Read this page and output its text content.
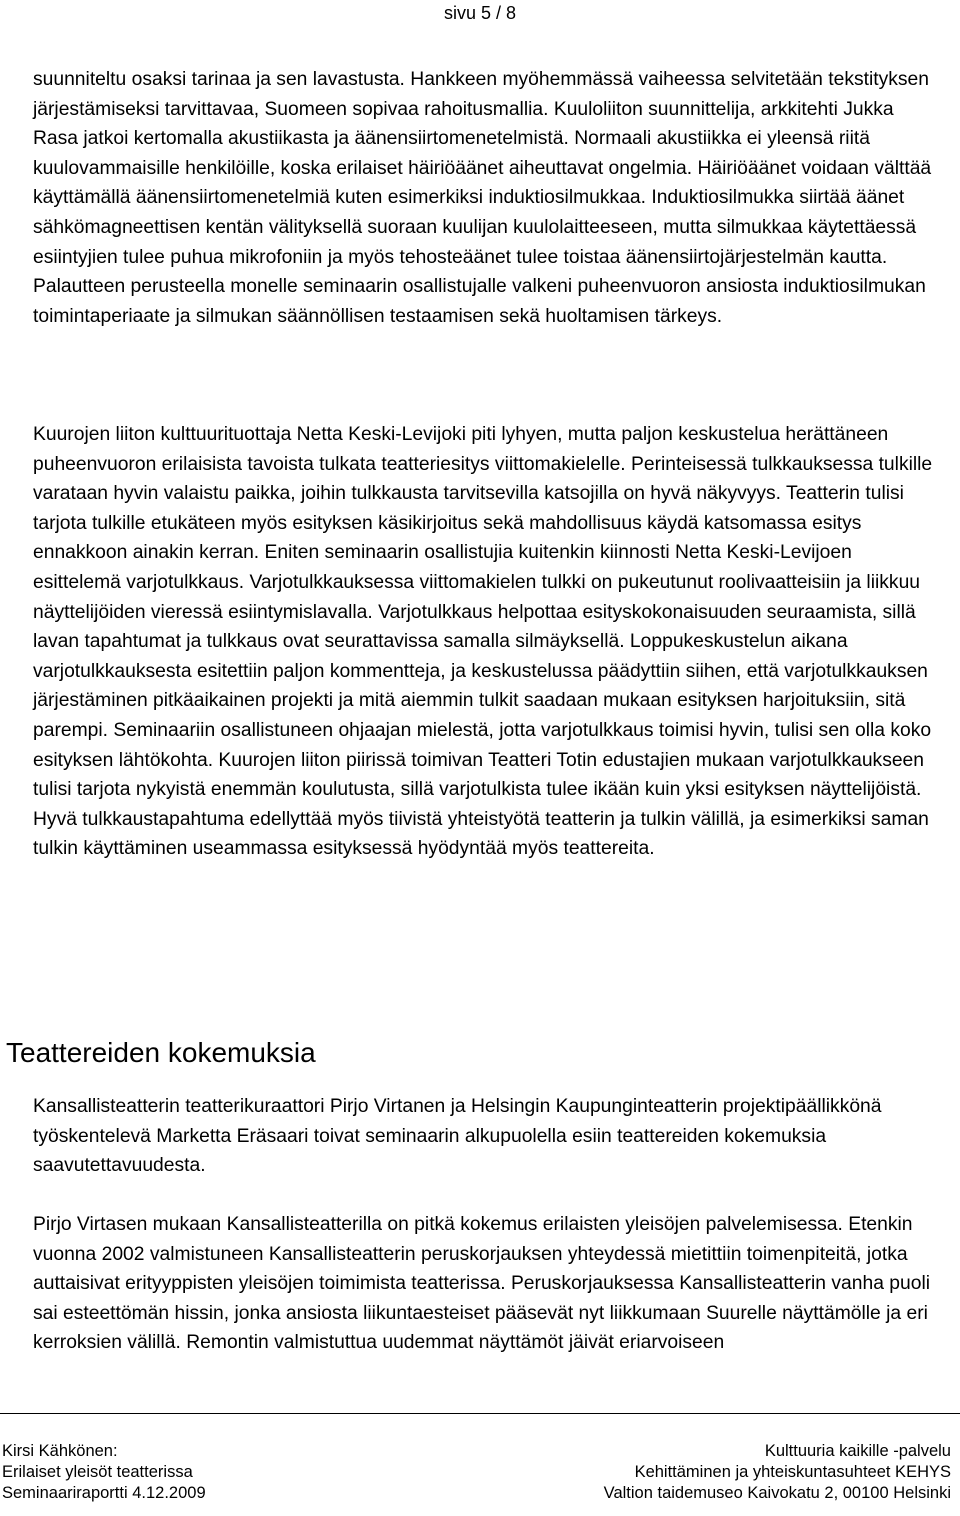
sivu 5 / 8

suunniteltu osaksi tarinaa ja sen lavastusta. Hankkeen myöhemmässä vaiheessa selvitetään tekstityksen järjestämiseksi tarvittavaa, Suomeen sopivaa rahoitusmallia. Kuuloliiton suunnittelija, arkkitehti Jukka Rasa jatkoi kertomalla akustiikasta ja äänensiirtomenetelmistä. Normaali akustiikka ei yleensä riitä kuulovammaisille henkilöille, koska erilaiset häiriöäänet aiheuttavat ongelmia. Häiriöäänet voidaan välttää käyttämällä äänensiirtomenetelmiä kuten esimerkiksi induktiosilmukkaa. Induktiosilmukka siirtää äänet sähkömagneettisen kentän välityksellä suoraan kuulijan kuulolaitteeseen, mutta silmukkaa käytettäessä esiintyjien tulee puhua mikrofoniin ja myös tehosteäänet tulee toistaa äänensiirtojärjestelmän kautta. Palautteen perusteella monelle seminaarin osallistujalle valkeni puheenvuoron ansiosta induktiosilmukan toimintaperiaate ja silmukan säännöllisen testaamisen sekä huoltamisen tärkeys.

Kuurojen liiton kulttuurituottaja Netta Keski-Levijoki piti lyhyen, mutta paljon keskustelua herättäneen puheenvuoron erilaisista tavoista tulkata teatteriesitys viittomakielelle. Perinteisessä tulkkauksessa tulkille varataan hyvin valaistu paikka, joihin tulkkausta tarvitsevilla katsojilla on hyvä näkyvyys. Teatterin tulisi tarjota tulkille etukäteen myös esityksen käsikirjoitus sekä mahdollisuus käydä katsomassa esitys ennakkoon ainakin kerran. Eniten seminaarin osallistujia kuitenkin kiinnosti Netta Keski-Levijoen esittelemä varjotulkkaus. Varjotulkkauksessa viittomakielen tulkki on pukeutunut roolivaatteisiin ja liikkuu näyttelijöiden vieressä esiintymislavalla. Varjotulkkaus helpottaa esityskokonaisuuden seuraamista, sillä lavan tapahtumat ja tulkkaus ovat seurattavissa samalla silmäyksellä. Loppukeskustelun aikana varjotulkkauksesta esitettiin paljon kommentteja, ja keskustelussa päädyttiin siihen, että varjotulkkauksen järjestäminen pitkäaikainen projekti ja mitä aiemmin tulkit saadaan mukaan esityksen harjoituksiin, sitä parempi. Seminaariin osallistuneen ohjaajan mielestä, jotta varjotulkkaus toimisi hyvin, tulisi sen olla koko esityksen lähtökohta. Kuurojen liiton piirissä toimivan Teatteri Totin edustajien mukaan varjotulkkaukseen tulisi tarjota nykyistä enemmän koulutusta, sillä varjotulkista tulee ikään kuin yksi esityksen näyttelijöistä. Hyvä tulkkaustapahtuma edellyttää myös tiivistä yhteistyötä teatterin ja tulkin välillä, ja esimerkiksi saman tulkin käyttäminen useammassa esityksessä hyödyntää myös teattereita.

Teattereiden kokemuksia

Kansallisteatterin teatterikuraattori Pirjo Virtanen ja Helsingin Kaupunginteatterin projektipäällikkönä työskentelevä Marketta Eräsaari toivat seminaarin alkupuolella esiin teattereiden kokemuksia saavutettavuudesta.

Pirjo Virtasen mukaan Kansallisteatterilla on pitkä kokemus erilaisten yleisöjen palvelemisessa. Etenkin vuonna 2002 valmistuneen Kansallisteatterin peruskorjauksen yhteydessä mietittiin toimenpiteitä, jotka auttaisivat erityyppisten yleisöjen toimimista teatterissa. Peruskorjauksessa Kansallisteatterin vanha puoli sai esteettömän hissin, jonka ansiosta liikuntaesteiset pääsevät nyt liikkumaan Suurelle näyttämölle ja eri kerroksien välillä. Remontin valmistuttua uudemmat näyttämöt jäivät eriarvoiseen

Kirsi Kähkönen:
Erilaiset yleisöt teatterissa
Seminaariraportti 4.12.2009
Kulttuuria kaikille -palvelu
Kehittäminen ja yhteiskuntasuhteet KEHYS
Valtion taidemuseo Kaivokatu 2, 00100 Helsinki
